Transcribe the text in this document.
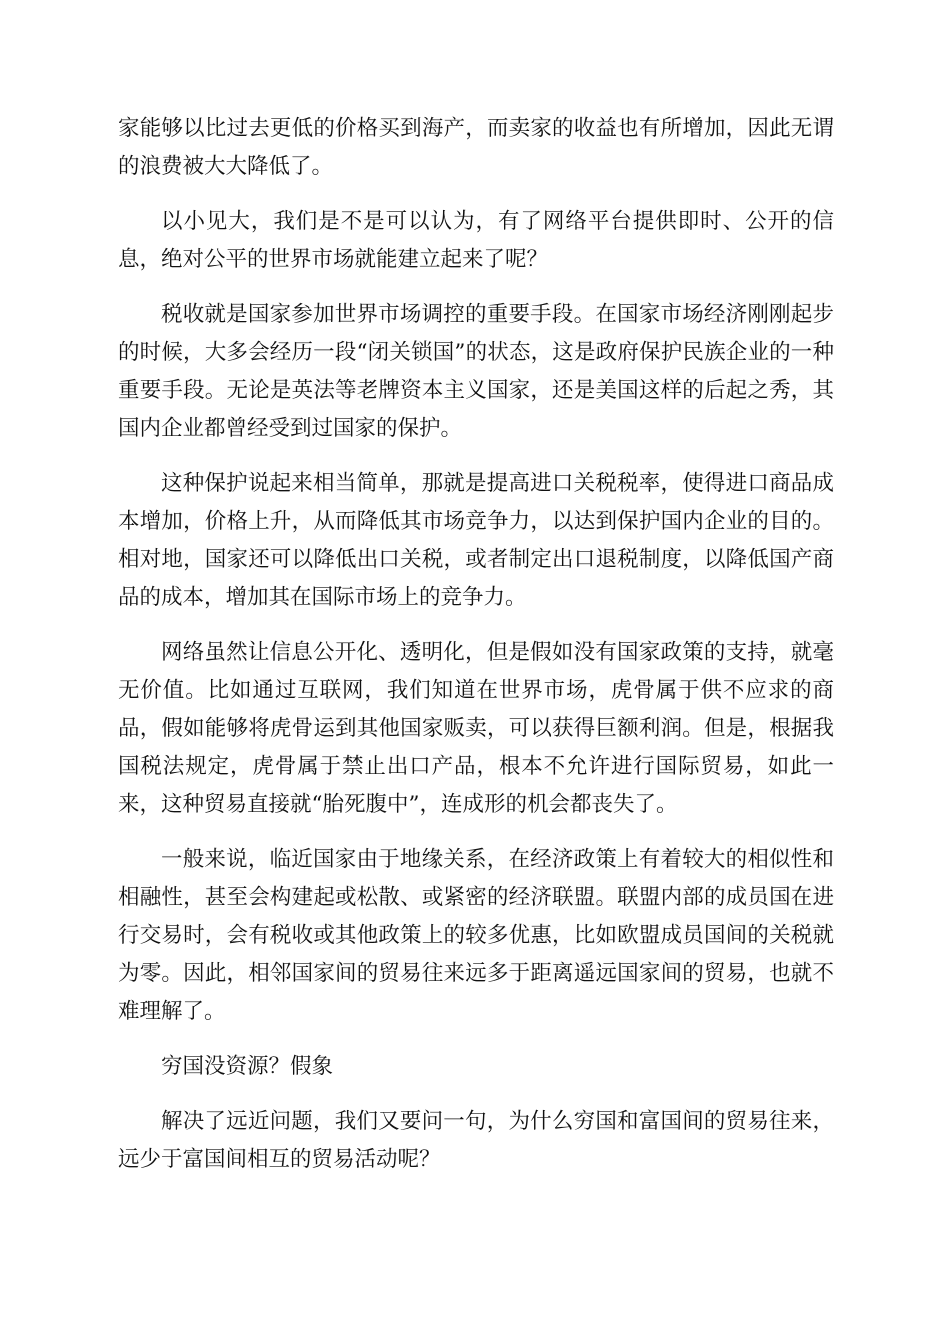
家能够以比过去更低的价格买到海产，而卖家的收益也有所增加，因此无谓的浪费被大大降低了。

以小见大，我们是不是可以认为，有了网络平台提供即时、公开的信息，绝对公平的世界市场就能建立起来了呢？

税收就是国家参加世界市场调控的重要手段。在国家市场经济刚刚起步的时候，大多会经历一段“闭关锁国”的状态，这是政府保护民族企业的一种重要手段。无论是英法等老牌资本主义国家，还是美国这样的后起之秀，其国内企业都曾经受到过国家的保护。

这种保护说起来相当简单，那就是提高进口关税税率，使得进口商品成本增加，价格上升，从而降低其市场竞争力，以达到保护国内企业的目的。相对地，国家还可以降低出口关税，或者制定出口退税制度，以降低国产商品的成本，增加其在国际市场上的竞争力。

网络虽然让信息公开化、透明化，但是假如没有国家政策的支持，就毫无价值。比如通过互联网，我们知道在世界市场，虎骨属于供不应求的商品，假如能够将虎骨运到其他国家贩卖，可以获得巨额利润。但是，根据我国税法规定，虎骨属于禁止出口产品，根本不允许进行国际贸易，如此一来，这种贸易直接就“胎死腹中”，连成形的机会都丧失了。

一般来说，临近国家由于地缘关系，在经济政策上有着较大的相似性和相融性，甚至会构建起或松散、或紧密的经济联盟。联盟内部的成员国在进行交易时，会有税收或其他政策上的较多优惠，比如欧盟成员国间的关税就为零。因此，相邻国家间的贸易往来远多于距离遥远国家间的贸易，也就不难理解了。

穷国没资源？假象

解决了远近问题，我们又要问一句，为什么穷国和富国间的贸易往来，远少于富国间相互的贸易活动呢？
